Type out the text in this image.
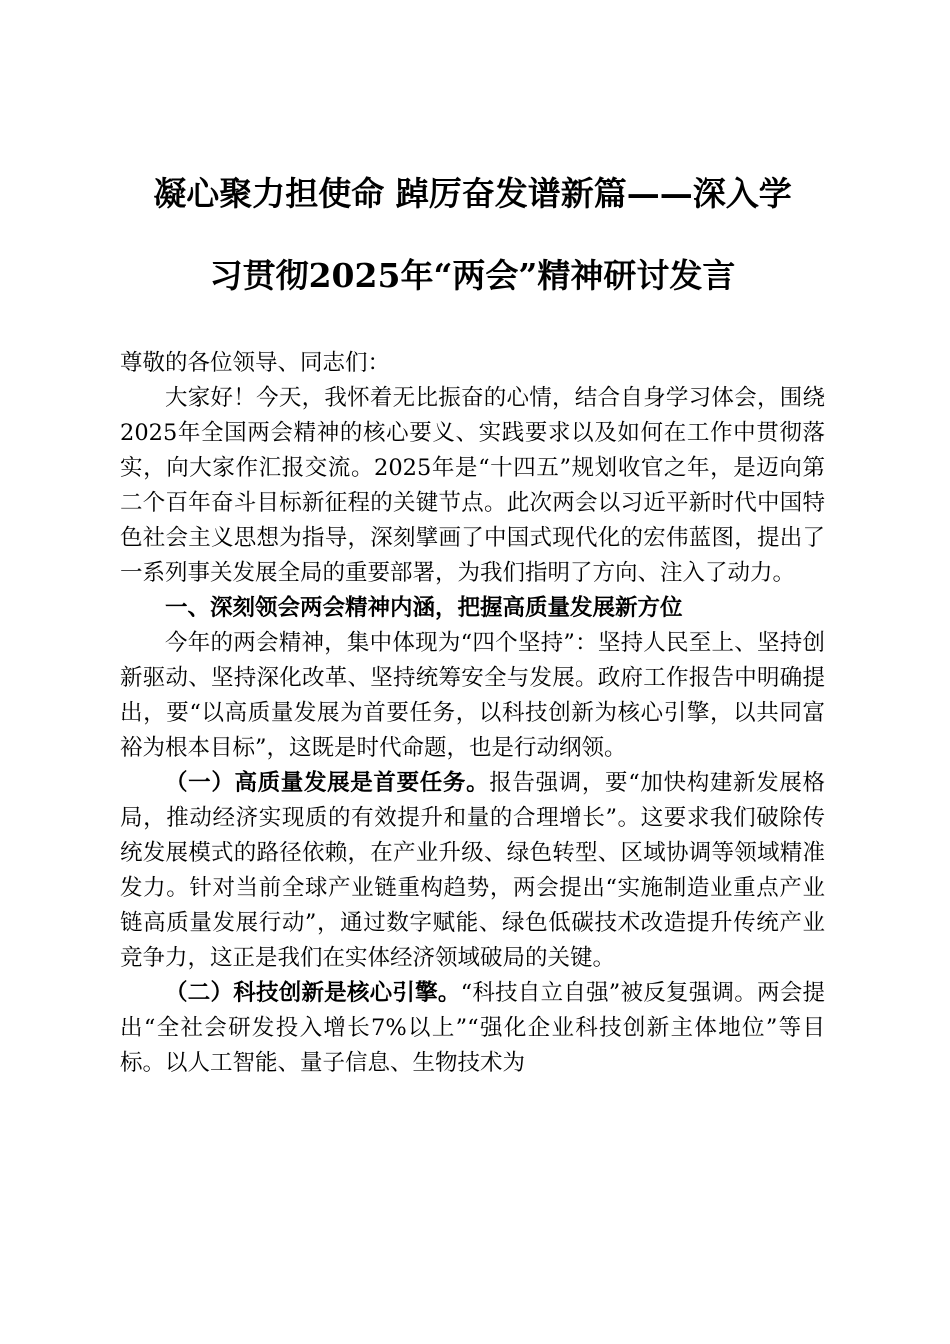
凝心聚力担使命 踔厉奋发谱新篇——深入学
习贯彻2025年“两会”精神研讨发言

尊敬的各位领导、同志们：

大家好！今天，我怀着无比振奋的心情，结合自身学习体会，围绕2025年全国两会精神的核心要义、实践要求以及如何在工作中贯彻落实，向大家作汇报交流。2025年是“十四五”规划收官之年，是迈向第二个百年奋斗目标新征程的关键节点。此次两会以习近平新时代中国特色社会主义思想为指导，深刻擘画了中国式现代化的宏伟蓝图，提出了一系列事关发展全局的重要部署，为我们指明了方向、注入了动力。

一、深刻领会两会精神内涵，把握高质量发展新方位

今年的两会精神，集中体现为“四个坚持”：坚持人民至上、坚持创新驱动、坚持深化改革、坚持统筹安全与发展。政府工作报告中明确提出，要“以高质量发展为首要任务，以科技创新为核心引擎，以共同富裕为根本目标”，这既是时代命题，也是行动纲领。

（一）高质量发展是首要任务。报告强调，要“加快构建新发展格局，推动经济实现质的有效提升和量的合理增长”。这要求我们破除传统发展模式的路径依赖，在产业升级、绿色转型、区域协调等领域精准发力。针对当前全球产业链重构趋势，两会提出“实施制造业重点产业链高质量发展行动”，通过数字赋能、绿色低碳技术改造提升传统产业竞争力，这正是我们在实体经济领域破局的关键。

（二）科技创新是核心引擎。“科技自立自强”被反复强调。两会提出“全社会研发投入增长7%以上”“强化企业科技创新主体地位”等目标。以人工智能、量子信息、生物技术为
